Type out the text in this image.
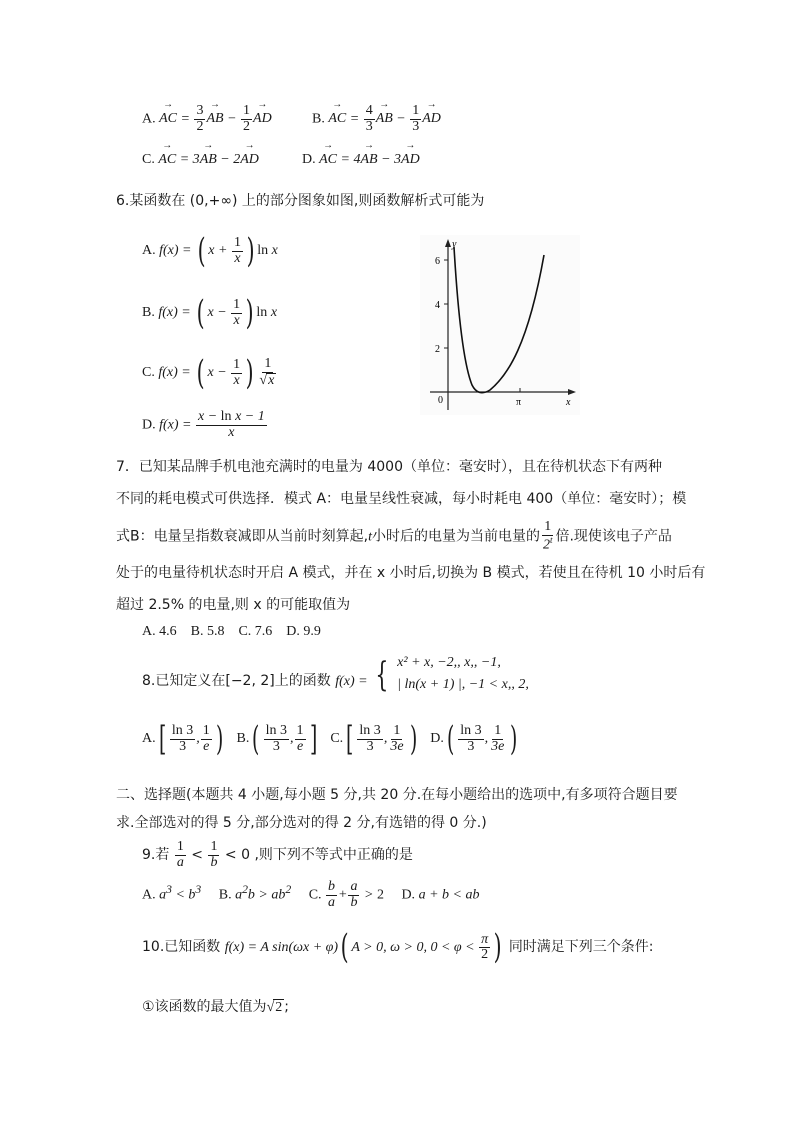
A. → AC = $\frac{3}{2}$ → AB − $\frac{1}{2}$ → AD	B. → AC = $\frac{4}{3}$ → AB − $\frac{1}{3}$ → AD
C. → AC = 3→ AB − 2→ AD	D. → AC = 4→ AB − 3→ AD
6.某函数在 (0,+∞) 上的部分图象如图,则函数解析式可能为
A. f(x) = ( $x + \frac{1}{x}$ ) ln x
B. f(x) = ( $x - \frac{1}{x}$ ) ln x
C. f(x) = ( $x - \frac{1}{x}$ ) $\frac{1}{√x}$
D. $f(x) = \frac{\text{x − ln x − 1}}{x}$
y
x
0
2
4
6
π
7．已知某品牌手机电池充满时的电量为 4000（单位：毫安时），且在待机状态下有两种
不同的耗电模式可供选择．模式 A：电量呈线性衰减，每小时耗电 400（单位：毫安时）；模
式B：电量呈指数衰减即从当前时刻算起,t小时后的电量为当前电量的 $\frac{1}{2^t}$ 倍.现使该电子产品
处于的电量待机状态时开启 A 模式，并在 x 小时后,切换为 B 模式，若使且在待机 10 小时后有
超过 2.5% 的电量,则 x 的可能取值为
A. 4.6    B. 5.8    C. 7.6    D. 9.9
8.已知定义在[−2, 2]上的函数 f(x) = { x² + x, −2,, x,, −1,
| ln(x + 1) |, −1 < x,, 2,
$A.[ \frac{\ln 3}{3}$ , $\frac{1}{e}$ ) $B.( \frac{\ln 3}{3}$ , $\frac{1}{e}$ ] $C.[ \frac{\ln 3}{3}$ , $\frac{1}{3e}$ ) $D.( \frac{\ln 3}{3}$ , $\frac{1}{3e}$ )
二、选择题(本题共 4 小题,每小题 5 分,共 20 分.在每小题给出的选项中,有多项符合题目要
求.全部选对的得 5 分,部分选对的得 2 分,有选错的得 0 分.)
9.若 $\frac{1}{a} < \frac{1}{b} < 0$ ,则下列不等式中正确的是
A. $a^3 < b^3$ B. $a^2b > ab^2$ C. $\frac{b}{a} + \frac{a}{b} > 2$ D. a + b < ab
10.已知函数 f(x) = A sin(ωx + φ)( A > 0, ω > 0, $0 < \varphi < \frac{\pi}{2}$ ) 同时满足下列三个条件:
①该函数的最大值为√2 ;
